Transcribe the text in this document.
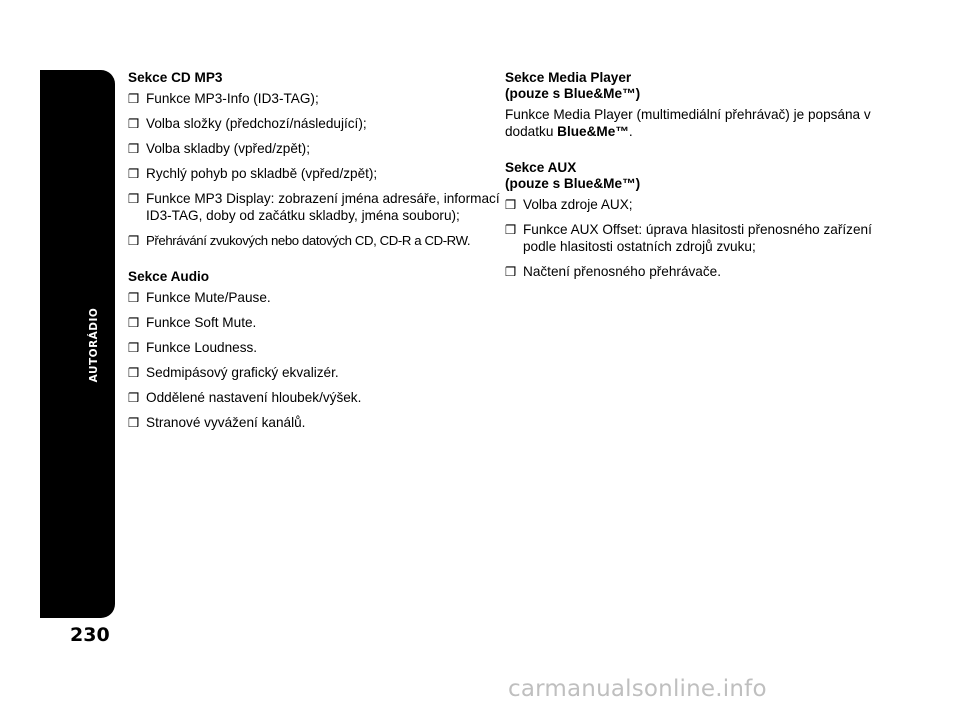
AUTORÁDIO
230
Sekce CD MP3
❒ Funkce MP3-Info (ID3-TAG);
❒ Volba složky (předchozí/následující);
❒ Volba skladby (vpřed/zpět);
❒ Rychlý pohyb po skladbě (vpřed/zpět);
❒ Funkce MP3 Display: zobrazení jména adresáře, informací ID3-TAG, doby od začátku skladby, jména souboru);
❒ Přehrávání zvukových nebo datových CD, CD-R a CD-RW.
Sekce Audio
❒ Funkce Mute/Pause.
❒ Funkce Soft Mute.
❒ Funkce Loudness.
❒ Sedmipásový grafický ekvalizér.
❒ Oddělené nastavení hloubek/výšek.
❒ Stranové vyvážení kanálů.
Sekce Media Player
(pouze s Blue&Me™)

Funkce Media Player (multimediální přehrávač) je popsána v dodatku Blue&Me™.

Sekce AUX
(pouze s Blue&Me™)
❒ Volba zdroje AUX;
❒ Funkce AUX Offset: úprava hlasitosti přenosného zařízení podle hlasitosti ostatních zdrojů zvuku;
❒ Načtení přenosného přehrávače.
carmanualsonline.info
